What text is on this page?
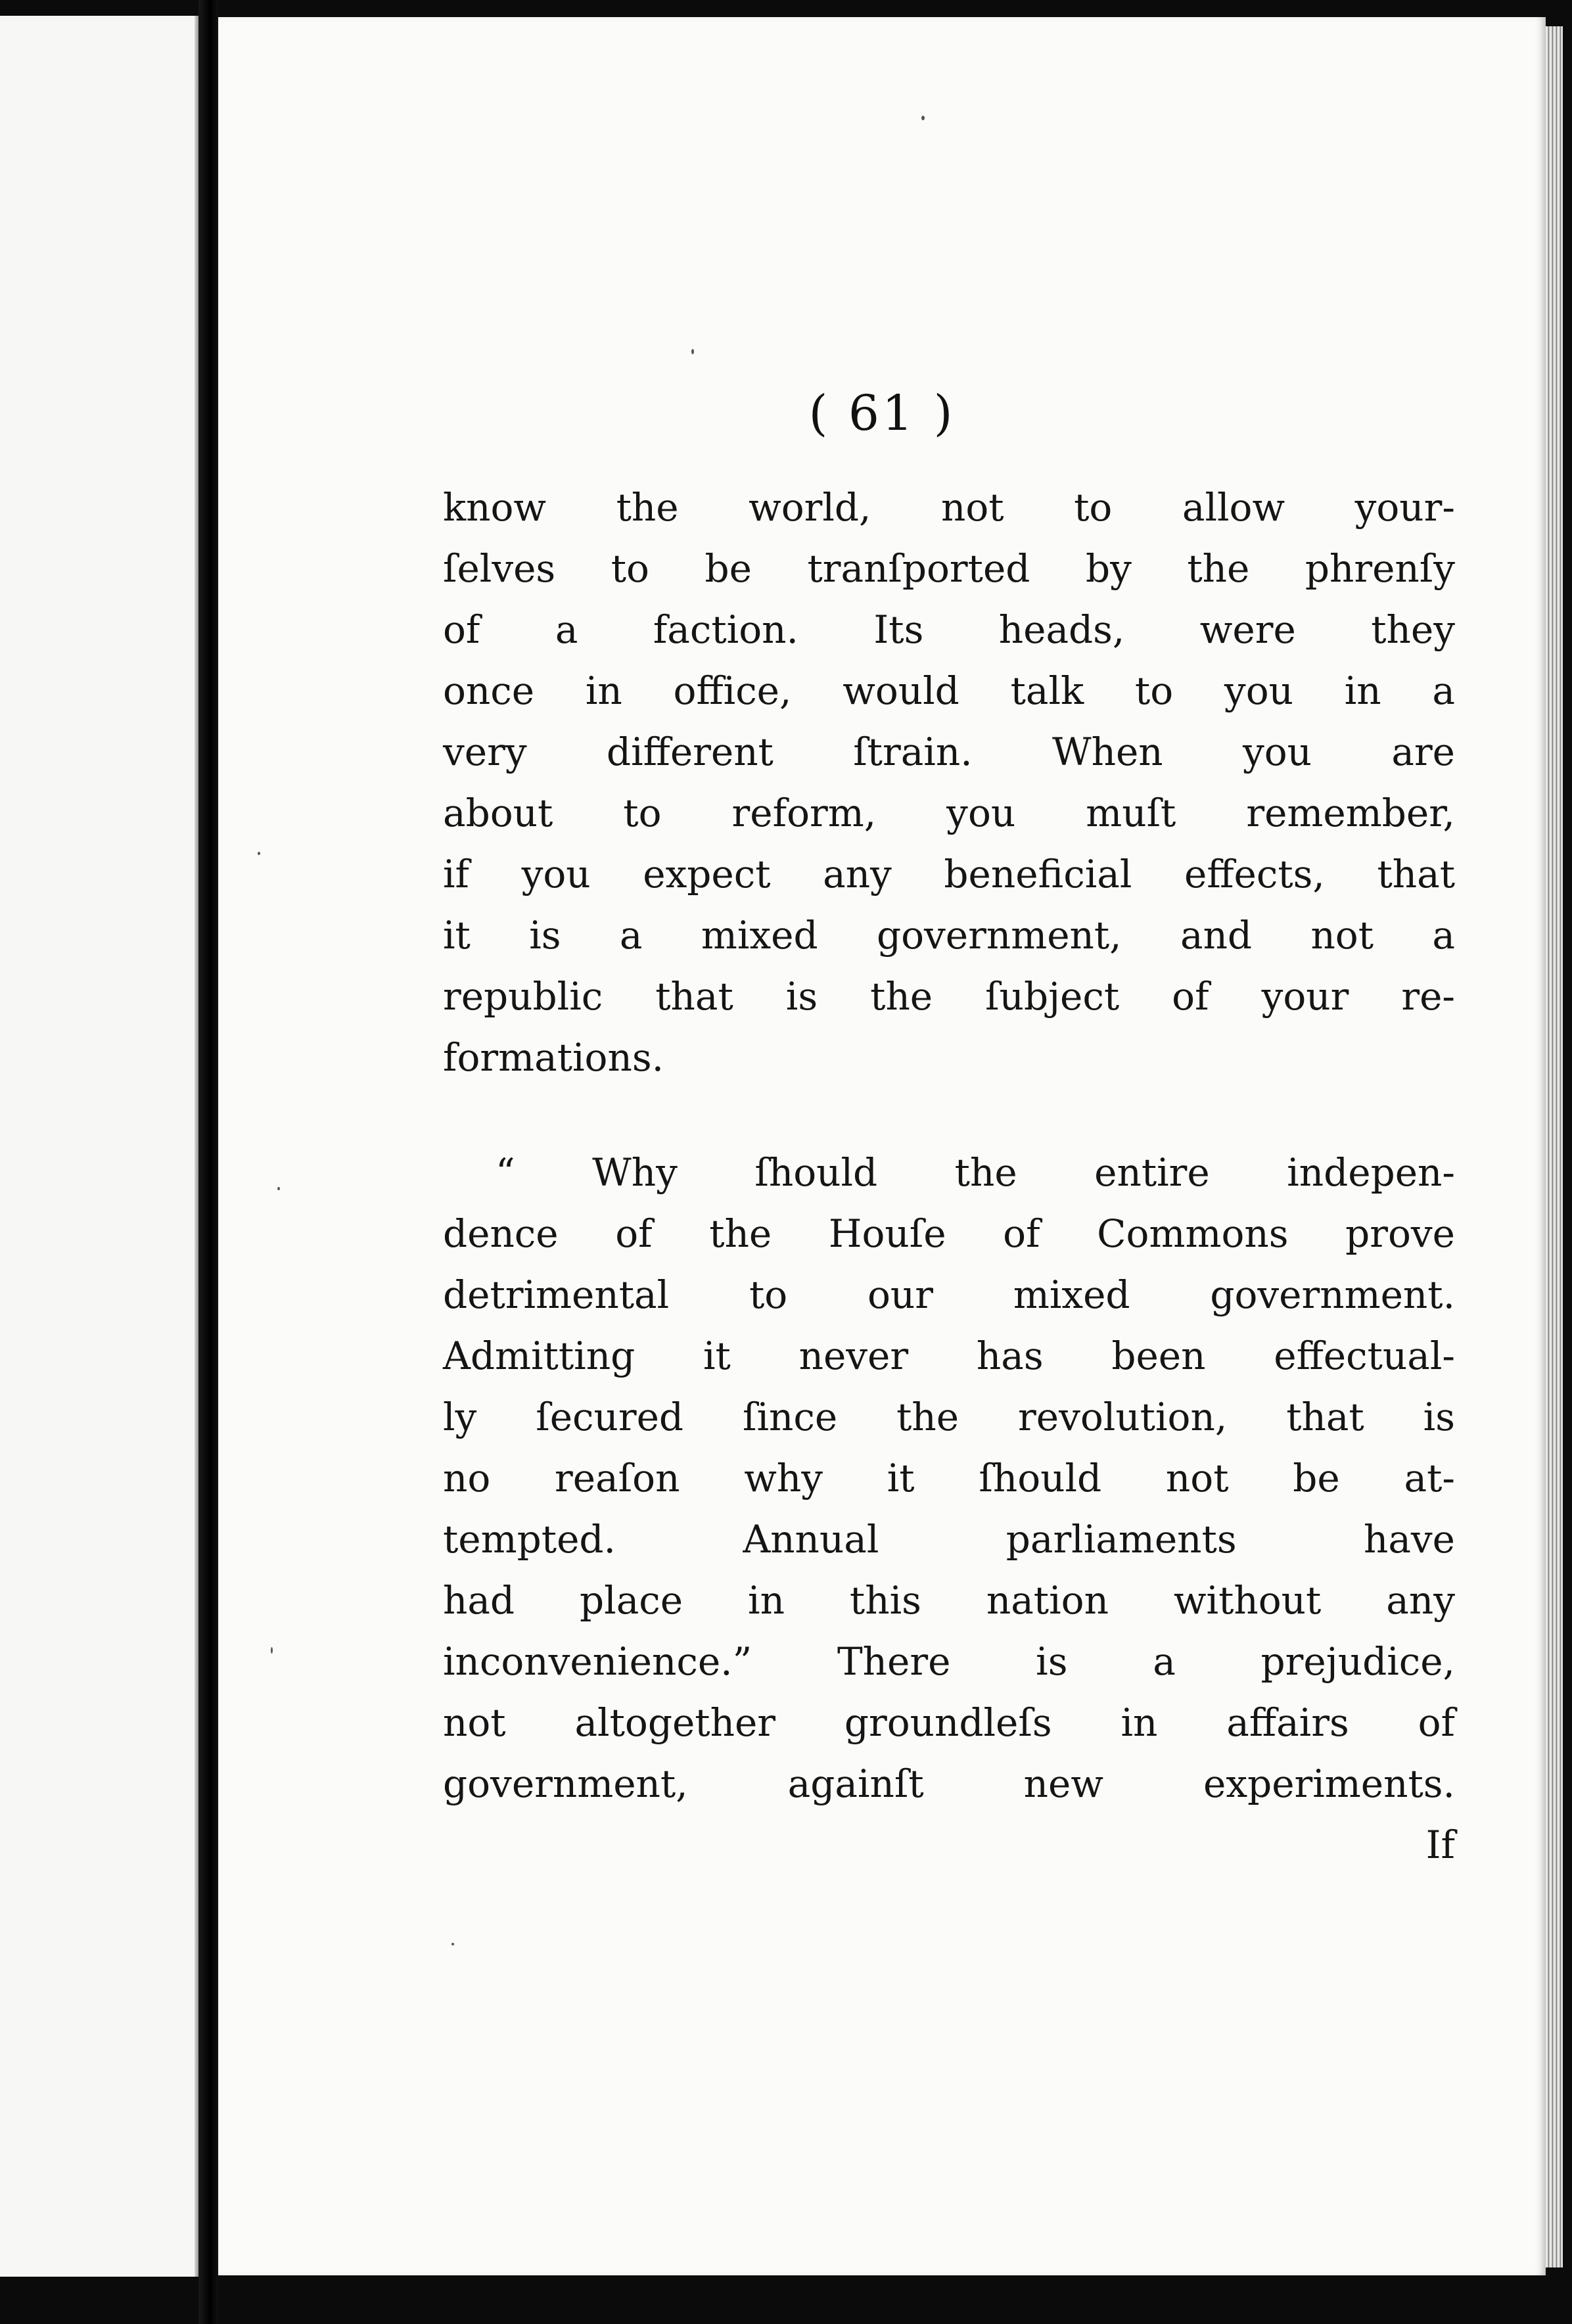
( 61 )
know the world, not to allow your-
ſelves to be tranſported by the phrenſy
of a faction. Its heads, were they
once in office, would talk to you in a
very different ſtrain. When you are
about to reform, you muſt remember,
if you expect any beneficial effects, that
it is a mixed government, and not a
republic that is the ſubject of your re-
formations.
“ Why ſhould the entire indepen-
dence of the Houſe of Commons prove
detrimental to our mixed government.
Admitting it never has been effectual-
ly ſecured ſince the revolution, that is
no reaſon why it ſhould not be at-
tempted. Annual parliaments have
had place in this nation without any
inconvenience.” There is a prejudice,
not altogether groundleſs in affairs of
government, againſt new experiments.
If
